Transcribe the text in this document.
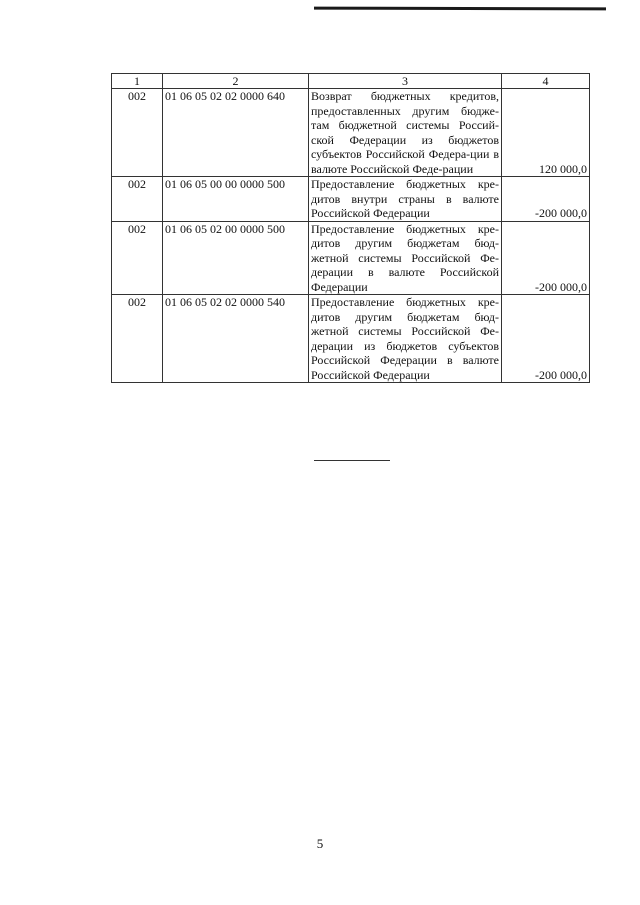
1	2	3	4
002	01 06 05 02 02 0000 640	Возврат бюджетных кредитов, предоставленных другим бюдже-там бюджетной системы Россий-ской Федерации из бюджетов субъектов Российской Федера-ции в валюте Российской Феде-рации	120 000,0
002	01 06 05 00 00 0000 500	Предоставление бюджетных кре-дитов внутри страны в валюте Российской Федерации	-200 000,0
002	01 06 05 02 00 0000 500	Предоставление бюджетных кре-дитов другим бюджетам бюд-жетной системы Российской Фе-дерации в валюте Российской Федерации	-200 000,0
002	01 06 05 02 02 0000 540	Предоставление бюджетных кре-дитов другим бюджетам бюд-жетной системы Российской Фе-дерации из бюджетов субъектов Российской Федерации в валюте Российской Федерации	-200 000,0
5
